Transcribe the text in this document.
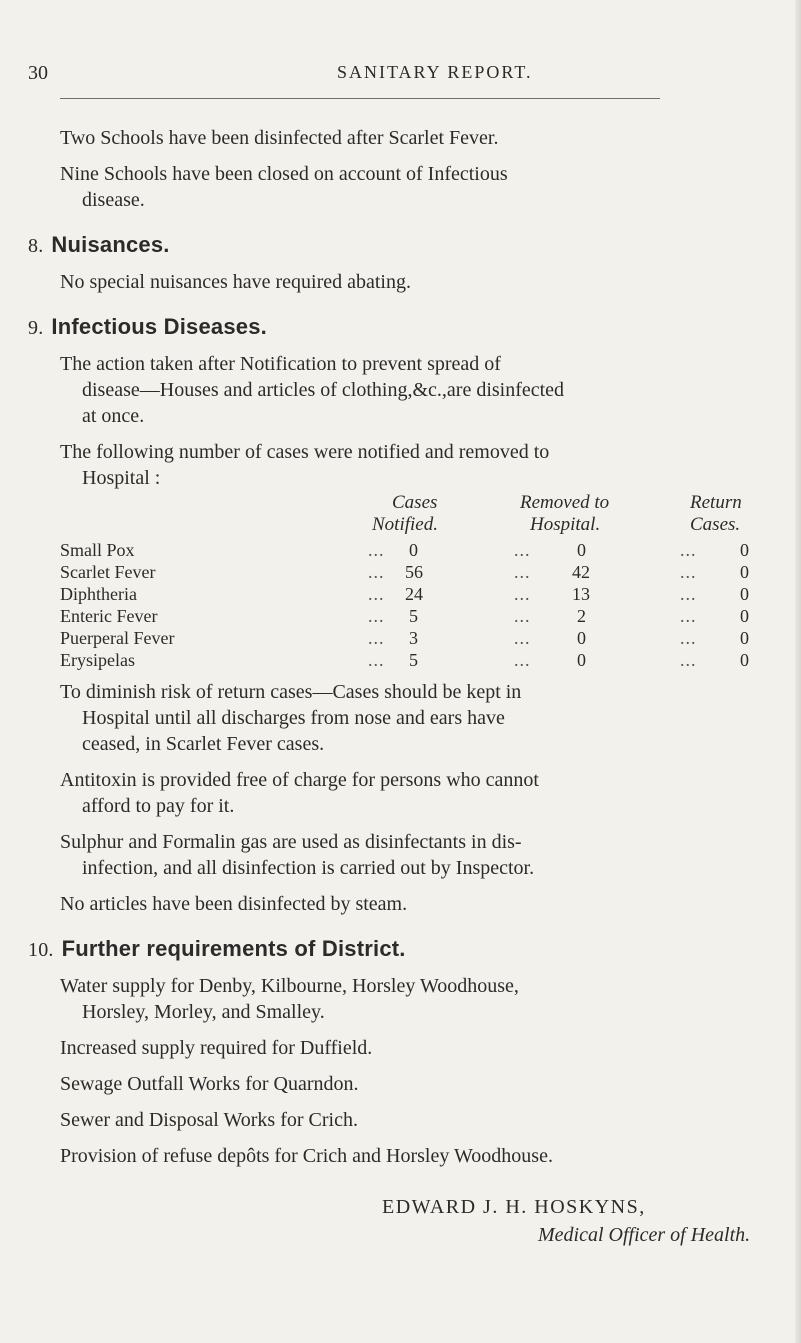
30	SANITARY REPORT.
Two Schools have been disinfected after Scarlet Fever.
Nine Schools have been closed on account of Infectious
disease.
8. Nuisances.
No special nuisances have required abating.
9. Infectious Diseases.
The action taken after Notification to prevent spread of
disease—Houses and articles of clothing,&c.,are disinfected
at once.
The following number of cases were notified and removed to
Hospital :
Cases
Notified.
Removed to
Hospital.
Return
Cases.
Small Pox	... 0	...	0	... 0
Scarlet Fever	... 56	... 42	... 0
Diphtheria	... 24	... 13	... 0
Enteric Fever	... 5	...	2	... 0
Puerperal Fever	... 3	...	0	... 0
Erysipelas	... 5	...	0	... 0
To diminish risk of return cases—Cases should be kept in
Hospital until all discharges from nose and ears have
ceased, in Scarlet Fever cases.
Antitoxin is provided free of charge for persons who cannot
afford to pay for it.
Sulphur and Formalin gas are used as disinfectants in dis-
infection, and all disinfection is carried out by Inspector.
No articles have been disinfected by steam.
10. Further requirements of District.
Water supply for Denby, Kilbourne, Horsley Woodhouse,
Horsley, Morley, and Smalley.
Increased supply required for Duffield.
Sewage Outfall Works for Quarndon.
Sewer and Disposal Works for Crich.
Provision of refuse depôts for Crich and Horsley Woodhouse.
EDWARD J. H. HOSKYNS,
Medical Officer of Health.
